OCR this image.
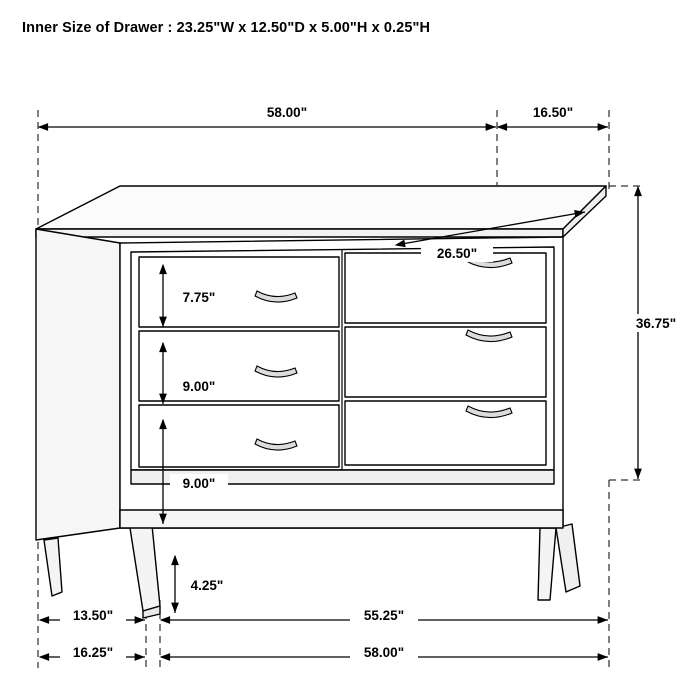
Inner Size of Drawer : 23.25"W x 12.50"D x 5.00"H x 0.25"H
58.00"	16.50"
36.75"
26.50"
7.75"
9.00"
9.00"
4.25"
13.50"
16.25"
55.25"
58.00"
